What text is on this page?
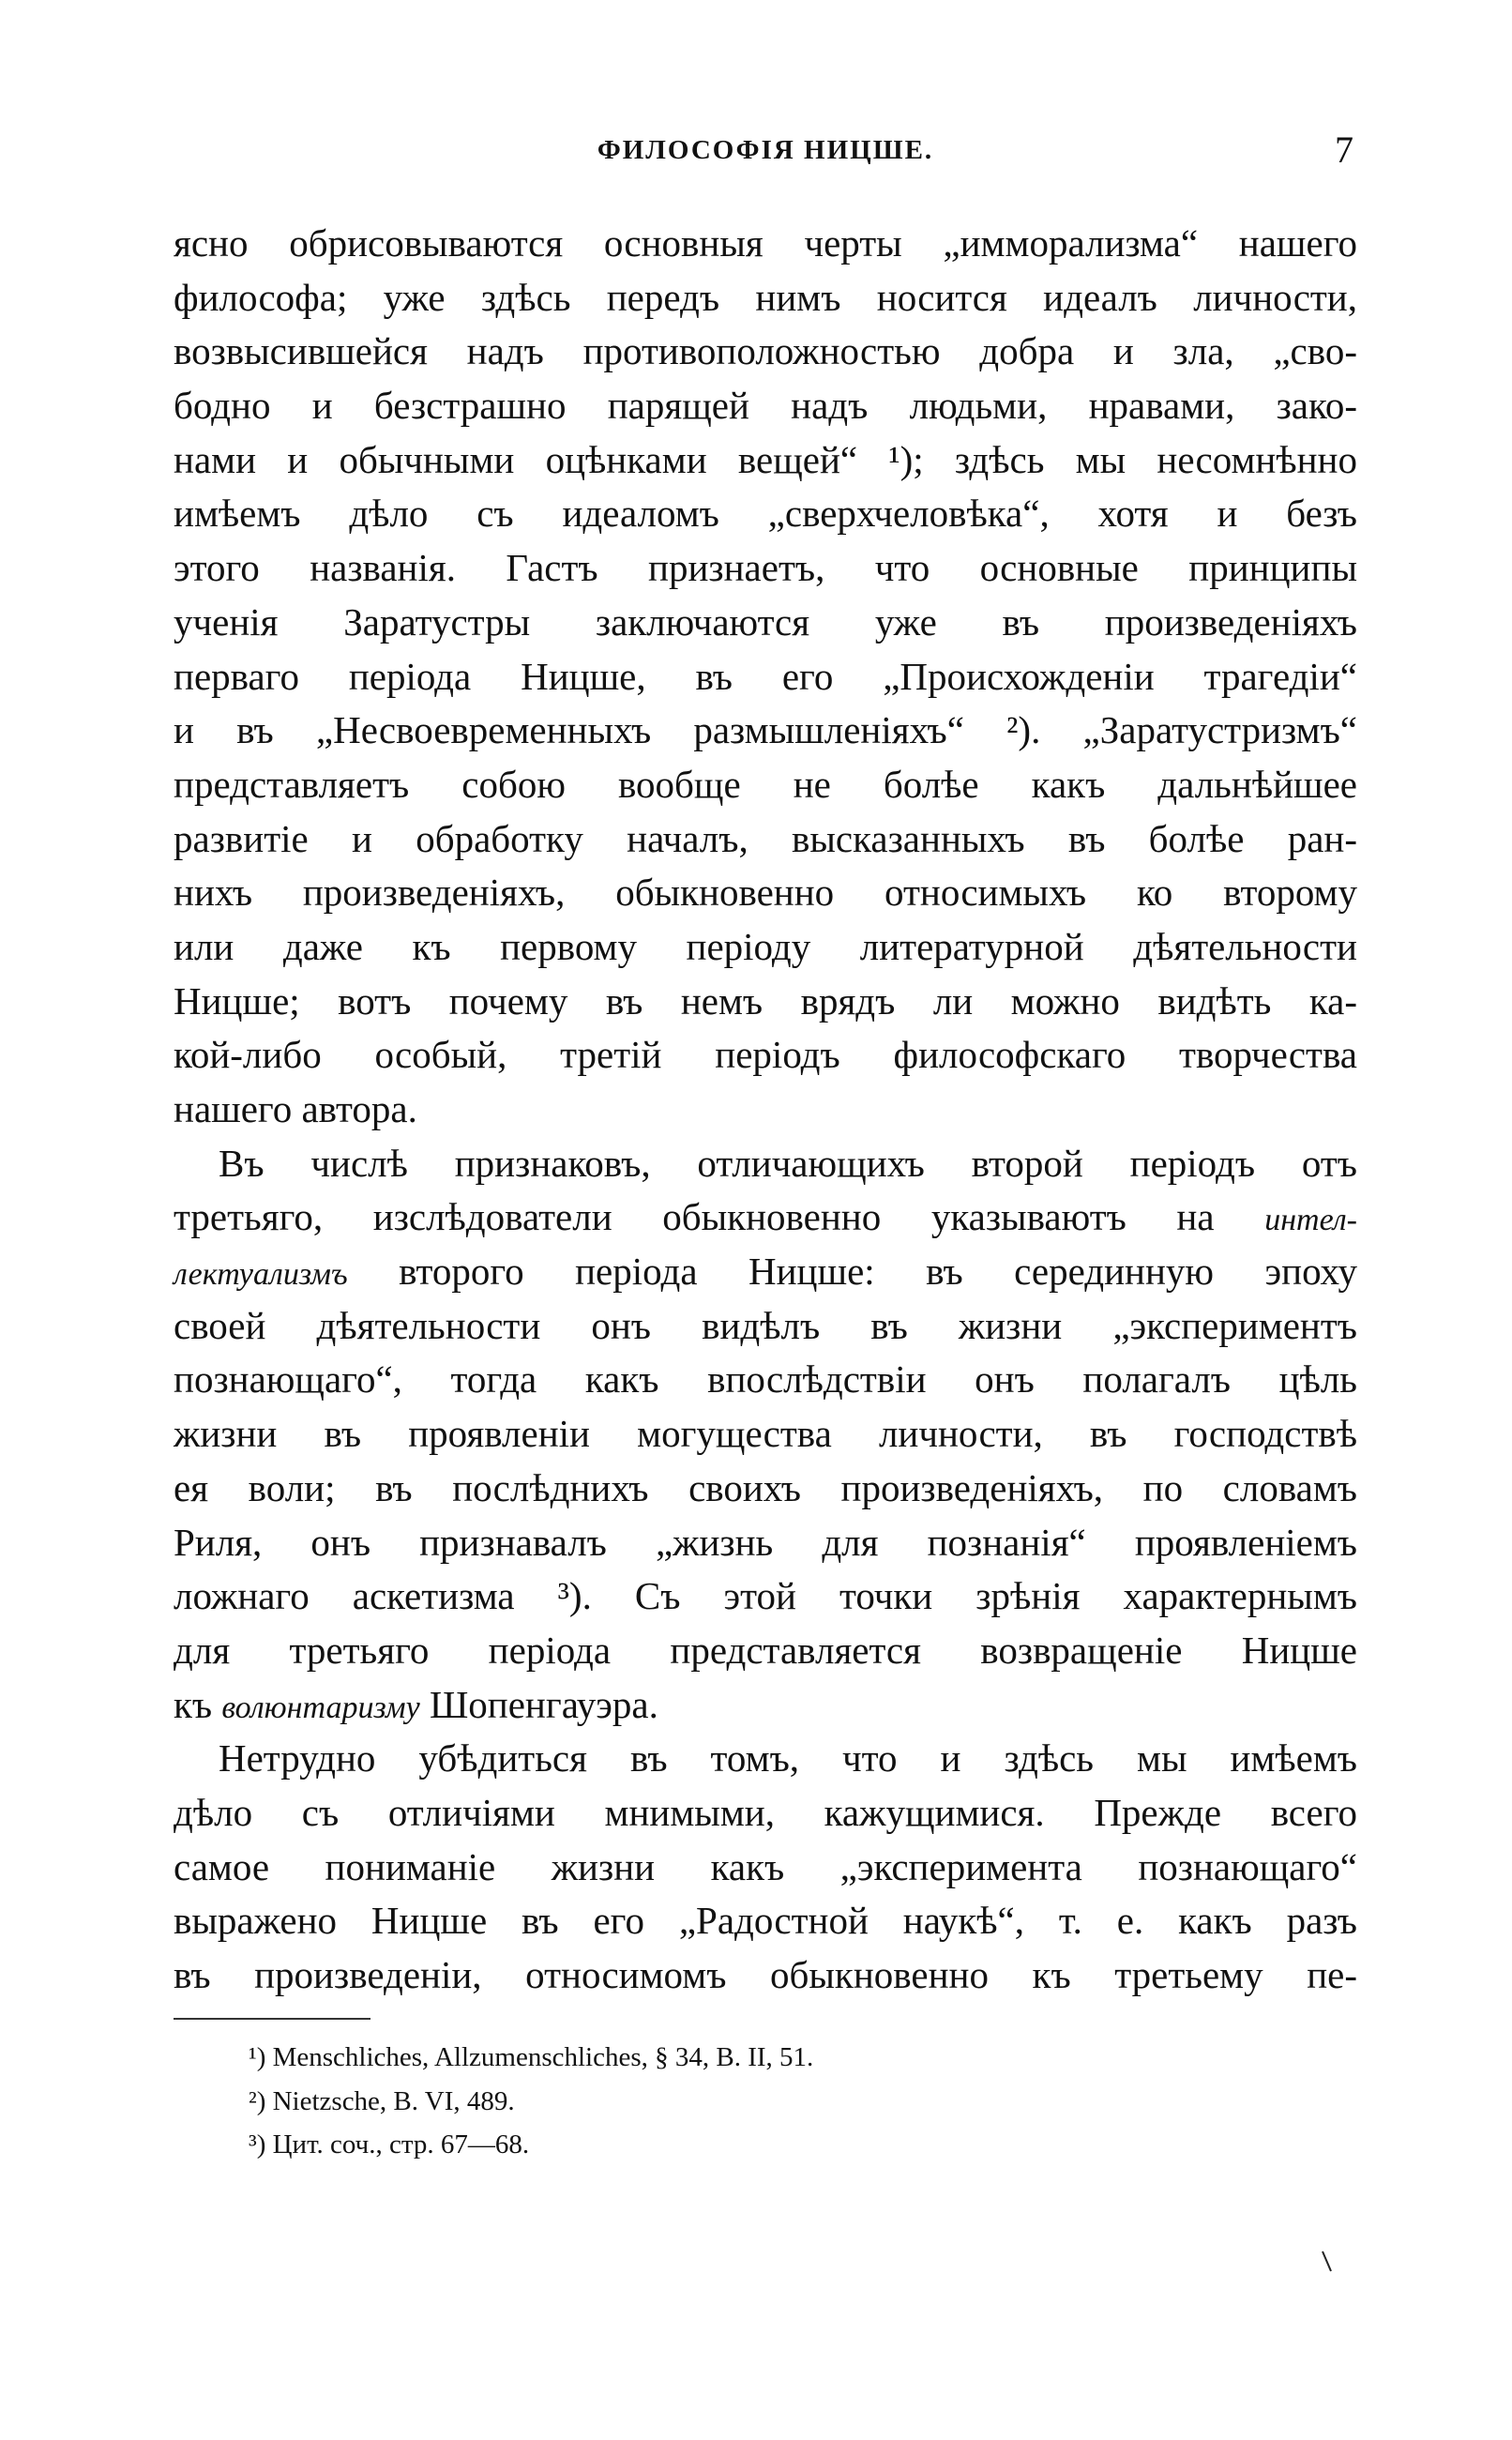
ФИЛОСОФІЯ НИЦШЕ.	7
ясно обрисовываются основныя черты „имморализма“ нашего
философа; уже здѣсь передъ нимъ носится идеалъ личности,
возвысившейся надъ противоположностью добра и зла, „сво-
бодно и безстрашно парящей надъ людьми, нравами, зако-
нами и обычными оцѣнками вещей“ ¹); здѣсь мы несомнѣнно
имѣемъ дѣло съ идеаломъ „сверхчеловѣка“, хотя и безъ
этого названія. Гастъ признаетъ, что основные принципы
ученія Заратустры заключаются уже въ произведеніяхъ
перваго періода Ницше, въ его „Происхожденіи трагедіи“
и въ „Несвоевременныхъ размышленіяхъ“ ²). „Заратустризмъ“
представляетъ собою вообще не болѣе какъ дальнѣйшее
развитіе и обработку началъ, высказанныхъ въ болѣе ран-
нихъ произведеніяхъ, обыкновенно относимыхъ ко второму
или даже къ первому періоду литературной дѣятельности
Ницше; вотъ почему въ немъ врядъ ли можно видѣть ка-
кой-либо особый, третій періодъ философскаго творчества
нашего автора.
Въ числѣ признаковъ, отличающихъ второй періодъ отъ
третьяго, изслѣдователи обыкновенно указываютъ на интел-
лектуализмъ второго періода Ницше: въ серединную эпоху
своей дѣятельности онъ видѣлъ въ жизни „экспериментъ
познающаго“, тогда какъ впослѣдствіи онъ полагалъ цѣль
жизни въ проявленіи могущества личности, въ господствѣ
ея воли; въ послѣднихъ своихъ произведеніяхъ, по словамъ
Риля, онъ признавалъ „жизнь для познанія“ проявленіемъ
ложнаго аскетизма ³). Съ этой точки зрѣнія характернымъ
для третьяго періода представляется возвращеніе Ницше
къ волюнтаризму Шопенгауэра.
Нетрудно убѣдиться въ томъ, что и здѣсь мы имѣемъ
дѣло съ отличіями мнимыми, кажущимися. Прежде всего
самое пониманіе жизни какъ „эксперимента познающаго“
выражено Ницше въ его „Радостной наукѣ“, т. е. какъ разъ
въ произведеніи, относимомъ обыкновенно къ третьему пе-
¹) Menschliches, Allzumenschliches, § 34, B. II, 51.
²) Nietzsche, B. VI, 489.
³) Цит. соч., стр. 67—68.
